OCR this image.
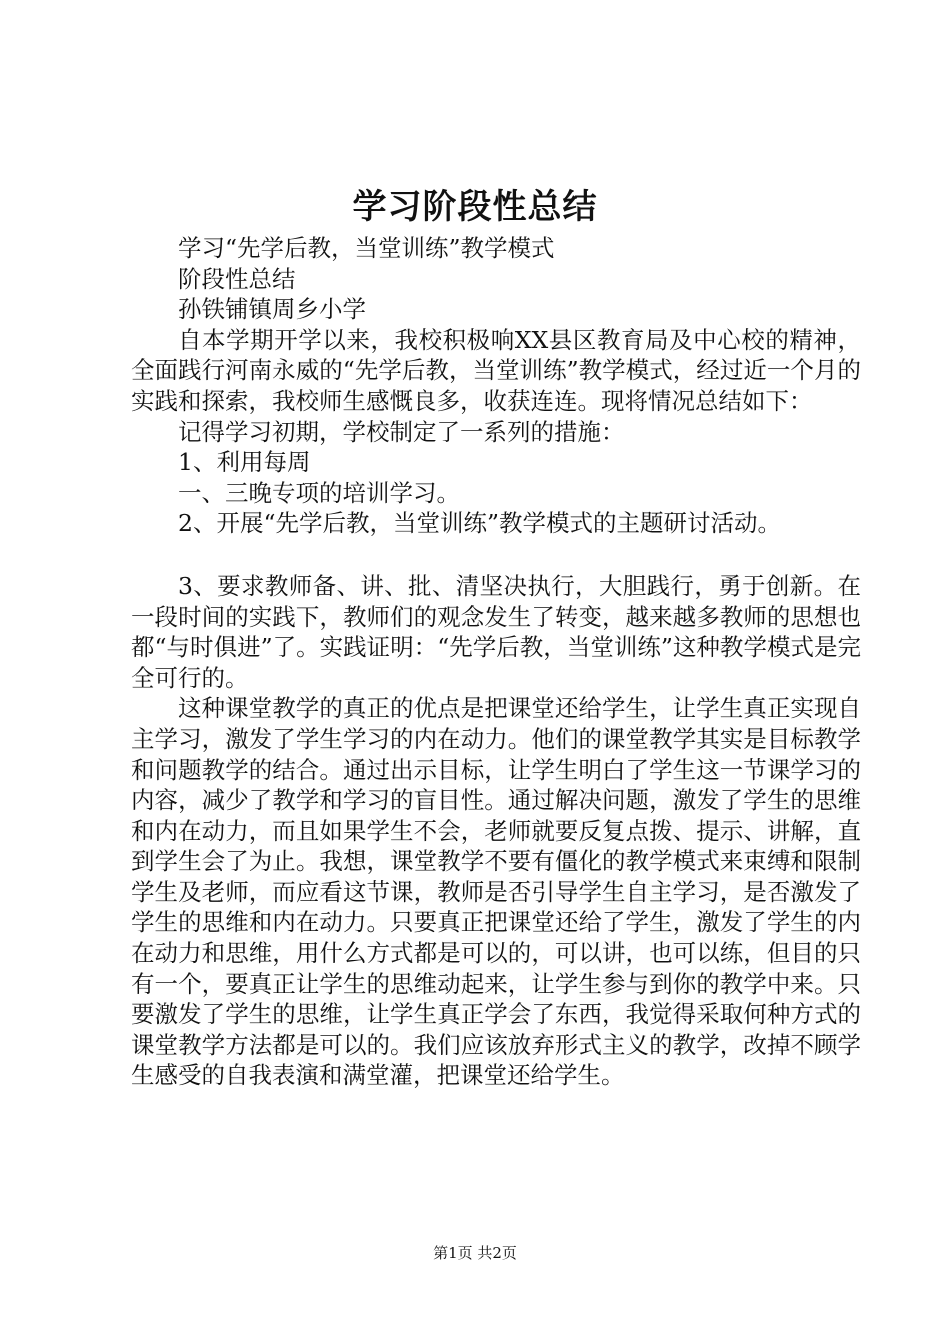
学习阶段性总结

学习“先学后教，当堂训练”教学模式

阶段性总结

孙铁铺镇周乡小学

自本学期开学以来，我校积极响XX县区教育局及中心校的精神，全面践行河南永威的“先学后教，当堂训练”教学模式，经过近一个月的实践和探索，我校师生感慨良多，收获连连。现将情况总结如下：

记得学习初期，学校制定了一系列的措施：

1、利用每周

一、三晚专项的培训学习。

2、开展“先学后教，当堂训练”教学模式的主题研讨活动。

3、要求教师备、讲、批、清坚决执行，大胆践行，勇于创新。在一段时间的实践下，教师们的观念发生了转变，越来越多教师的思想也都“与时俱进”了。实践证明：“先学后教，当堂训练”这种教学模式是完全可行的。

这种课堂教学的真正的优点是把课堂还给学生，让学生真正实现自主学习，激发了学生学习的内在动力。他们的课堂教学其实是目标教学和问题教学的结合。通过出示目标，让学生明白了学生这一节课学习的内容，减少了教学和学习的盲目性。通过解决问题，激发了学生的思维和内在动力，而且如果学生不会，老师就要反复点拨、提示、讲解，直到学生会了为止。我想，课堂教学不要有僵化的教学模式来束缚和限制学生及老师，而应看这节课，教师是否引导学生自主学习，是否激发了学生的思维和内在动力。只要真正把课堂还给了学生，激发了学生的内在动力和思维，用什么方式都是可以的，可以讲，也可以练，但目的只有一个，要真正让学生的思维动起来，让学生参与到你的教学中来。只要激发了学生的思维，让学生真正学会了东西，我觉得采取何种方式的课堂教学方法都是可以的。我们应该放弃形式主义的教学，改掉不顾学生感受的自我表演和满堂灌，把课堂还给学生。

第1页 共2页
